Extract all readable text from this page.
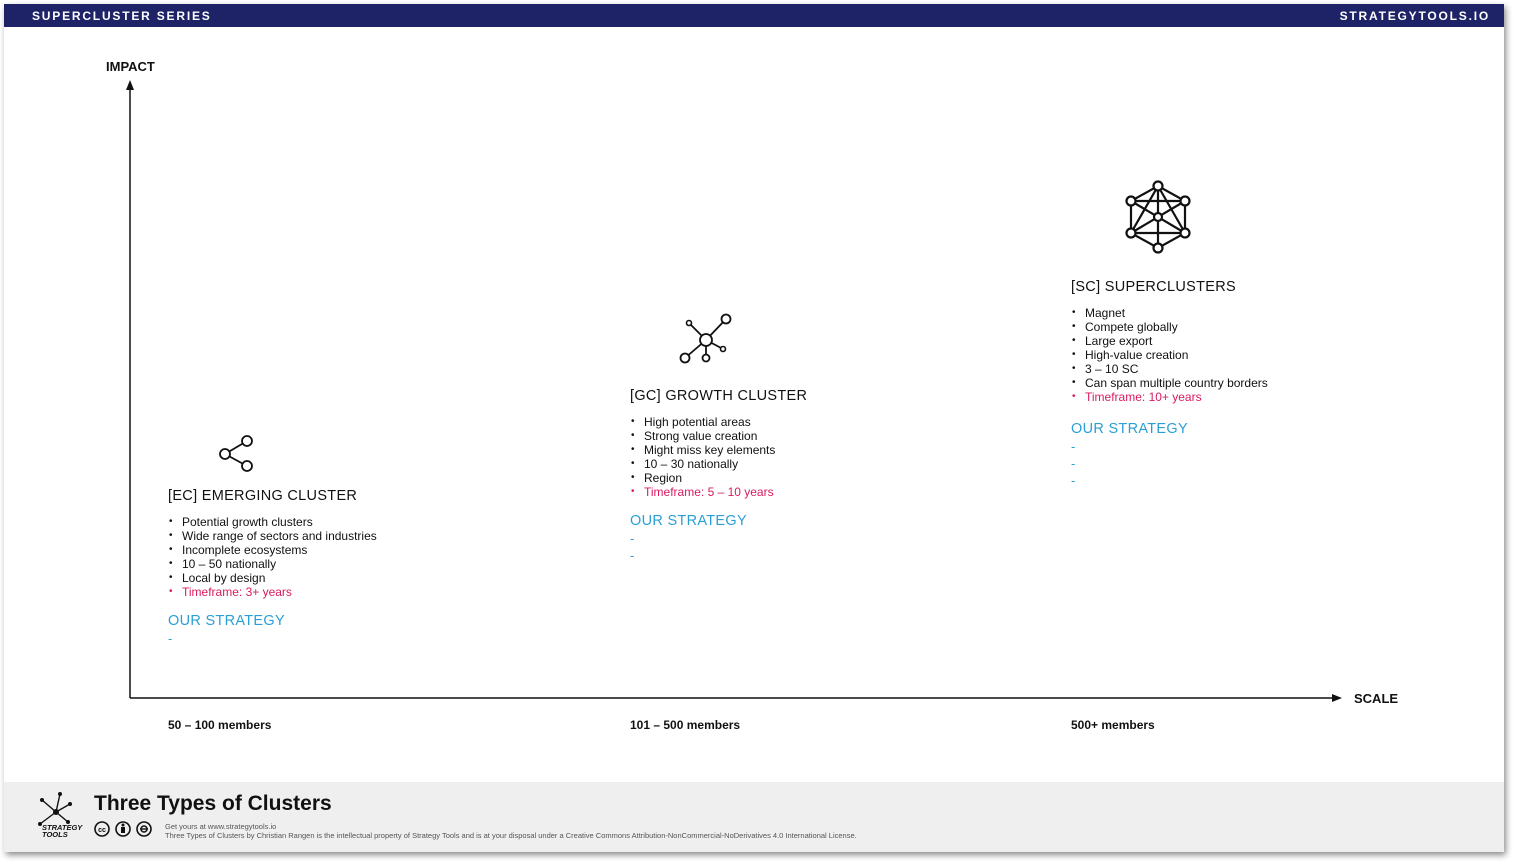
SUPERCLUSTER SERIES	STRATEGYTOOLS.IO
IMPACT
SCALE
[EC] EMERGING CLUSTER
• Potential growth clusters
• Wide range of sectors and industries
• Incomplete ecosystems
• 10 – 50 nationally
• Local by design
• Timeframe: 3+ years
OUR STRATEGY
-
[GC] GROWTH CLUSTER
• High potential areas
• Strong value creation
• Might miss key elements
• 10 – 30 nationally
• Region
• Timeframe: 5 – 10 years
OUR STRATEGY
-
-
[SC] SUPERCLUSTERS
• Magnet
• Compete globally
• Large export
• High-value creation
• 3 – 10 SC
• Can span multiple country borders
• Timeframe: 10+ years
OUR STRATEGY
-
-
-
50 – 100 members	101 – 500 members	500+ members
STRATEGY TOOLS
Three Types of Clusters
cc	Get yours at www.strategytools.io
Three Types of Clusters by Christian Rangen is the intellectual property of Strategy Tools and is at your disposal under a Creative Commons Attribution-NonCommercial-NoDerivatives 4.0 International License.
